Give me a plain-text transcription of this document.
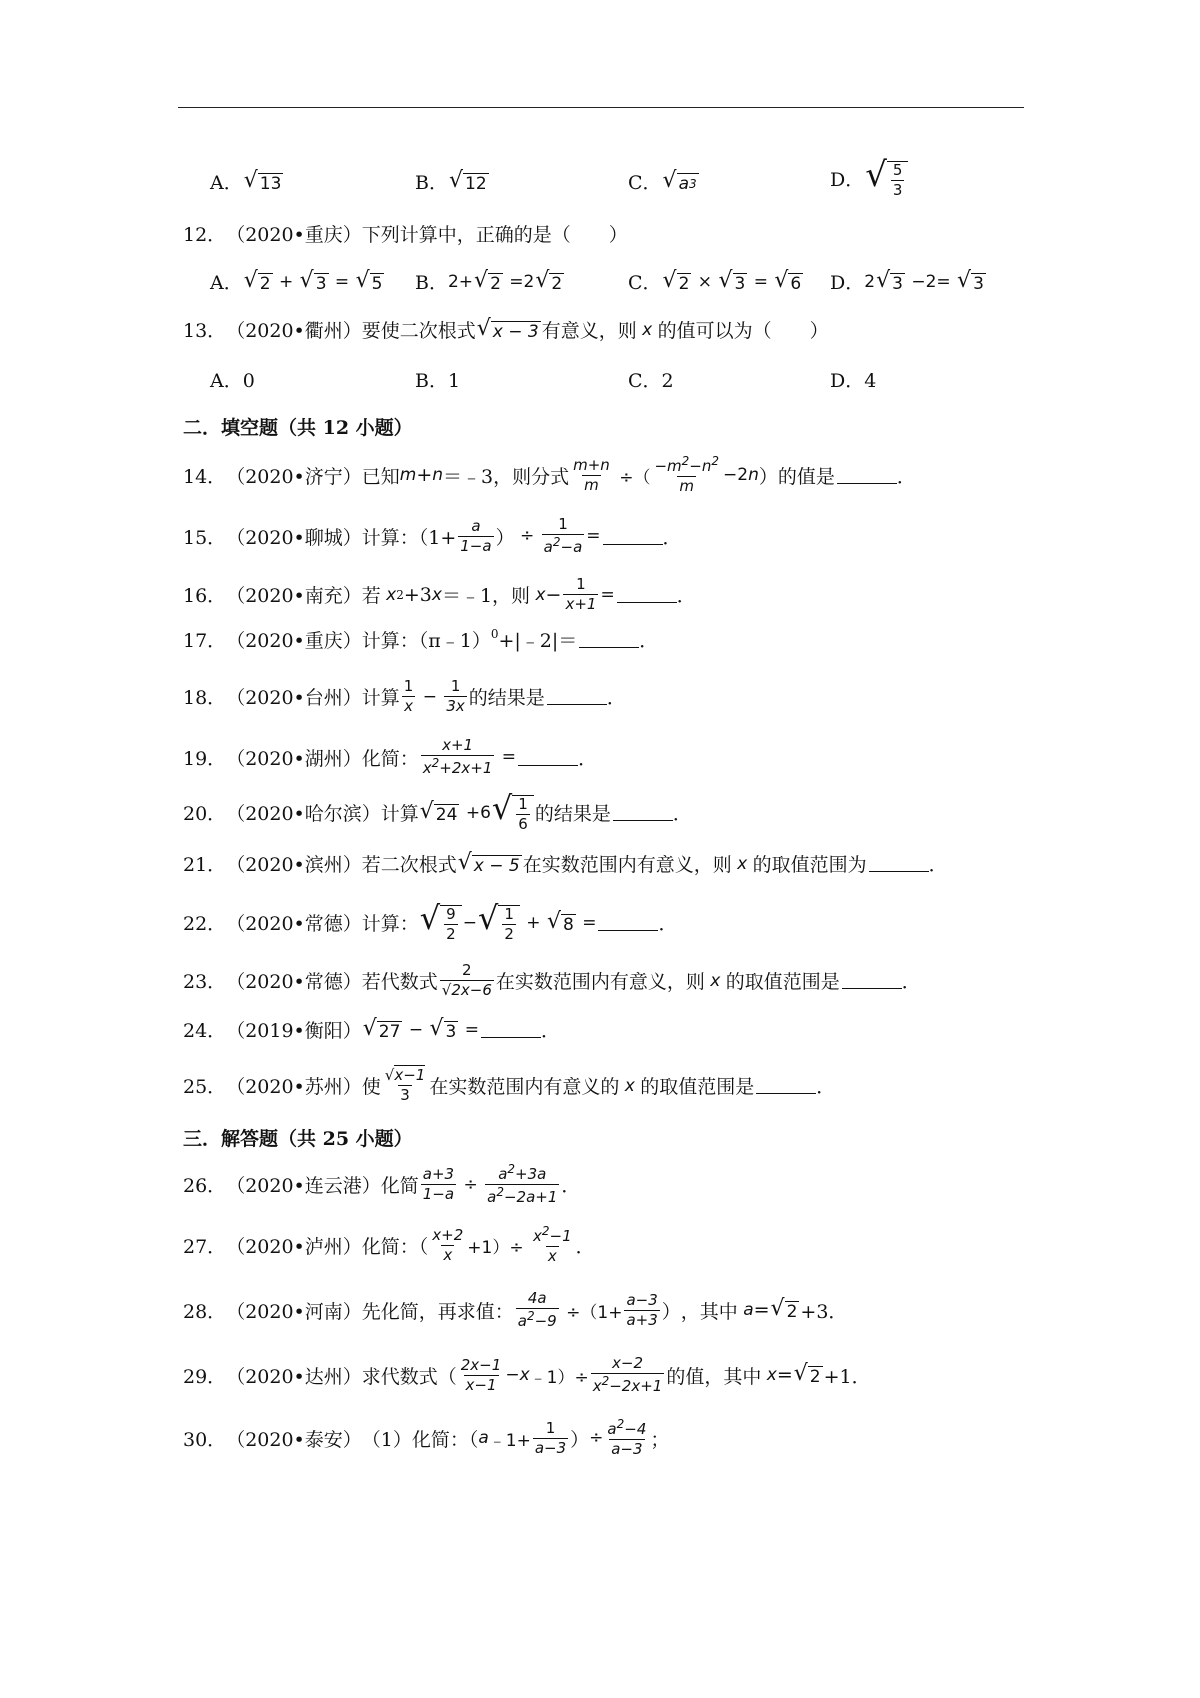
A． √ 13	B． √ 12	C． √ a 3	D． √ $\frac{5}{3}$
12． （2020•重庆） 下列计算中，正确的是（　　）
A． √ 2 + √ 3 = √ 5 B． 2+ √ 2 =2 √ 2	C． √ 2 × √ 3 = √ 6 D． 2 √ 3 −2= √ 3
13． （2020•衢州） 要使二次根式 √ x − 3 有意义，则 x 的值可以为（　　）
A．0	B．1	C．2	D．4
二．填空题（共 12 小题）
14． （2020•济宁） 已知 m + n ＝﹣3，则分式 $\frac{m+n}{m}$ ÷（ $\frac{-m^2-n^2}{m} -2$ n ） 的值是	．
15． （2020•聊城） 计算：（$1+ \frac{a}{1-a}$ ） ÷ $\frac{1}{a^2-a}$ =	．
16． （2020•南充） 若 x 2 +3 x ＝﹣1，则 $x - \frac{1}{x+1}$ =	．
17． （2020•重庆） 计算：（π﹣1）$^0$ +|﹣2|＝	．
18． （2020•台州） 计算 $\frac{1}{x} - \frac{1}{3x}$ 的结果是	．
19． （2020•湖州） 化简： $\frac{x+1}{x^2+2x+1}$ =	．
20． （2020•哈尔滨） 计算 √ 24 +6 √ $\frac{1}{6}$ 的结果是	．
21． （2020•滨州） 若二次根式 √ x − 5 在实数范围内有意义，则 x 的取值范围为	．
22． （2020•常德） 计算： √ $\frac{9}{2}$ − √ $\frac{1}{2}$ + √ 8 =	．
23． （2020•常德） 若代数式 $\frac{2}{√2x-6}$ 在实数范围内有意义，则 x 的取值范围是	．
24． （2019•衡阳） √ 27 − √ 3 =	．
25． （2020•苏州） 使 $\frac{√x-1}{3}$ 在实数范围内有意义的 x 的取值范围是	．
三．解答题（共 25 小题）
26． （2020•连云港） 化简 $\frac{a+3}{1-a} \div \frac{a^2+3a}{a^2-2a+1}$ ．
27． （2020•泸州） 化简：（ $\frac{x+2}{x} +1)\div \frac{x^2-1}{x}$ ．
28． （2020•河南） 先化简，再求值： $\frac{4a}{a^2-9} \div(1+ \frac{a-3}{a+3}$ ） ，其中 a = √ 2 +3．
29． （2020•达州） 求代数式（ $\frac{2x-1}{x-1} - x$ ﹣1）÷ $\frac{x-2}{x^2-2x+1}$ 的值，其中 x = √ 2 +1．
30． （2020•泰安） （1）化简：（ a ﹣1+ $\frac{1}{a-3}$ ） ÷ $\frac{a^2-4}{a-3}$ ；
